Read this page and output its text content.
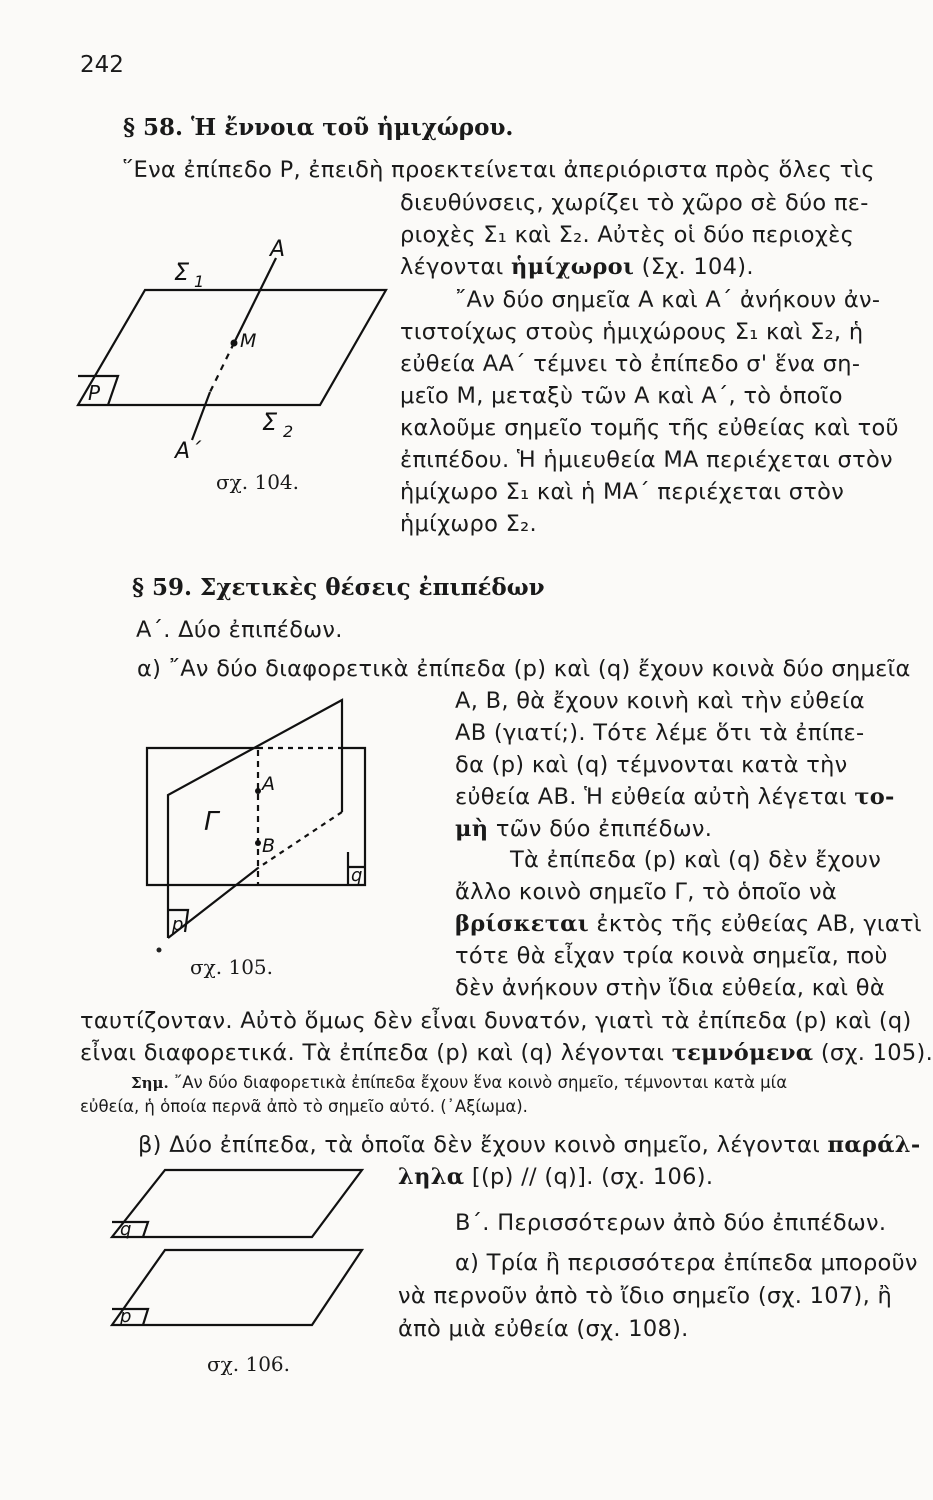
242
§ 58. Ἡ ἔννοια τοῦ ἡμιχώρου.
῞Ενα ἐπίπεδο Ρ, ἐπειδὴ προεκτείνεται ἀπεριόριστα πρὸς ὅλες τὶς
διευθύνσεις, χωρίζει τὸ χῶρο σὲ δύο πε-
ριοχὲς Σ₁ καὶ Σ₂. Αὐτὲς οἱ δύο περιοχὲς
λέγονται ἡμίχωροι (Σχ. 104).
῎Αν δύο σημεῖα Α καὶ Α΄ ἀνήκουν ἀν-
τιστοίχως στοὺς ἡμιχώρους Σ₁ καὶ Σ₂, ἡ
εὐθεία ΑΑ΄ τέμνει τὸ ἐπίπεδο σ' ἕνα ση-
μεῖο Μ, μεταξὺ τῶν Α καὶ Α΄, τὸ ὁποῖο
καλοῦμε σημεῖο τομῆς τῆς εὐθείας καὶ τοῦ
ἐπιπέδου. Ἡ ἡμιευθεία ΜΑ περιέχεται στὸν
ἡμίχωρο Σ₁ καὶ ἡ ΜΑ΄ περιέχεται στὸν
ἡμίχωρο Σ₂.
A
M
A΄
P
Σ 1
Σ 2
σχ. 104.
§ 59. Σχετικὲς θέσεις ἐπιπέδων
Α΄. Δύο ἐπιπέδων.
α) ῎Αν δύο διαφορετικὰ ἐπίπεδα (p) καὶ (q) ἔχουν κοινὰ δύο σημεῖα
Α, Β, θὰ ἔχουν κοινὴ καὶ τὴν εὐθεία
ΑΒ (γιατί;). Τότε λέμε ὅτι τὰ ἐπίπε-
δα (p) καὶ (q) τέμνονται κατὰ τὴν
εὐθεία ΑΒ. Ἡ εὐθεία αὐτὴ λέγεται το-
μὴ τῶν δύο ἐπιπέδων.
Τὰ ἐπίπεδα (p) καὶ (q) δὲν ἔχουν
ἄλλο κοινὸ σημεῖο Γ, τὸ ὁποῖο νὰ
βρίσκεται ἐκτὸς τῆς εὐθείας ΑΒ, γιατὶ
τότε θὰ εἶχαν τρία κοινὰ σημεῖα, ποὺ
δὲν ἀνήκουν στὴν ἴδια εὐθεία, καὶ θὰ
ταυτίζονταν. Αὐτὸ ὅμως δὲν εἶναι δυνατόν, γιατὶ τὰ ἐπίπεδα (p) καὶ (q)
εἶναι διαφορετικά. Τὰ ἐπίπεδα (p) καὶ (q) λέγονται τεμνόμενα (σχ. 105).
Σημ. ῎Αν δύο διαφορετικὰ ἐπίπεδα ἔχουν ἕνα κοινὸ σημεῖο, τέμνονται κατὰ μία
εὐθεία, ἡ ὁποία περνᾶ ἀπὸ τὸ σημεῖο αὐτό. (᾿Αξίωμα).
β) Δύο ἐπίπεδα, τὰ ὁποῖα δὲν ἔχουν κοινὸ σημεῖο, λέγονται παράλ-
ληλα [(p) // (q)]. (σχ. 106).
Β΄. Περισσότερων ἀπὸ δύο ἐπιπέδων.
α) Τρία ἢ περισσότερα ἐπίπεδα μποροῦν
νὰ περνοῦν ἀπὸ τὸ ἴδιο σημεῖο (σχ. 107), ἢ
ἀπὸ μιὰ εὐθεία (σχ. 108).
A
B
Γ
p
q
σχ. 105.
q
p
σχ. 106.
